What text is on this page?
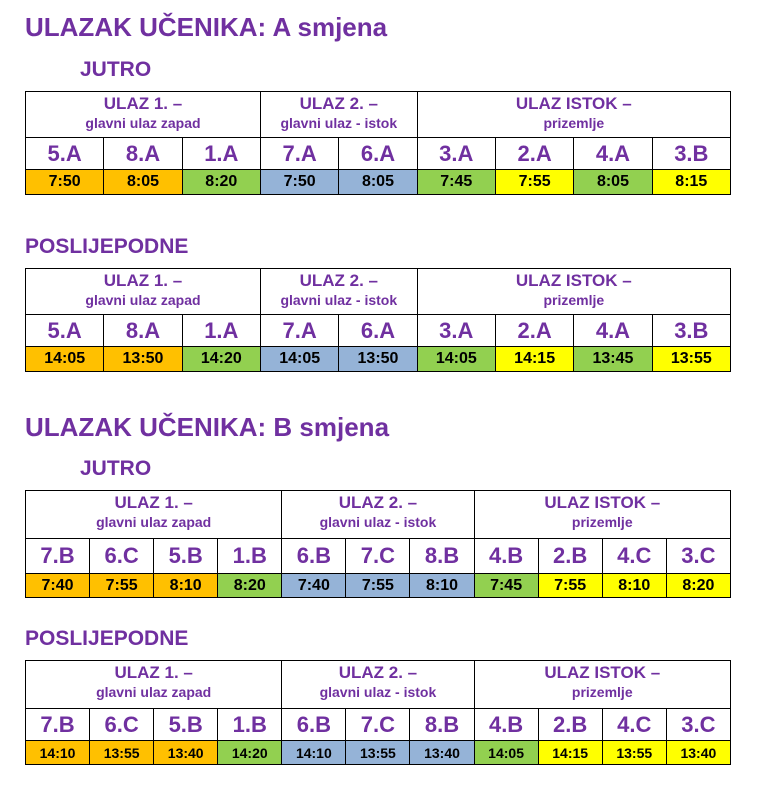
ULAZAK UČENIKA: A smjena
JUTRO
ULAZ 1. –
glavni ulaz zapad			ULAZ 2. –
glavni ulaz - istok		ULAZ ISTOK –
prizemlje			

5.A	8.A	1.A	7.A	6.A	3.A	2.A	4.A	3.B
7:50	8:05	8:20	7:50	8:05	7:45	7:55	8:05	8:15
POSLIJEPODNE
ULAZ 1. –
glavni ulaz zapad			ULAZ 2. –
glavni ulaz - istok		ULAZ ISTOK –
prizemlje			

5.A	8.A	1.A	7.A	6.A	3.A	2.A	4.A	3.B
14:05	13:50	14:20	14:05	13:50	14:05	14:15	13:45	13:55
ULAZAK UČENIKA: B smjena
JUTRO
ULAZ 1. –
glavni ulaz zapad				ULAZ 2. –
glavni ulaz - istok			ULAZ ISTOK –
prizemlje			

7.B	6.C	5.B	1.B	6.B	7.C	8.B	4.B	2.B	4.C	3.C
7:40	7:55	8:10	8:20	7:40	7:55	8:10	7:45	7:55	8:10	8:20
POSLIJEPODNE
ULAZ 1. –
glavni ulaz zapad				ULAZ 2. –
glavni ulaz - istok			ULAZ ISTOK –
prizemlje			

7.B	6.C	5.B	1.B	6.B	7.C	8.B	4.B	2.B	4.C	3.C
14:10	13:55	13:40	14:20	14:10	13:55	13:40	14:05	14:15	13:55	13:40
